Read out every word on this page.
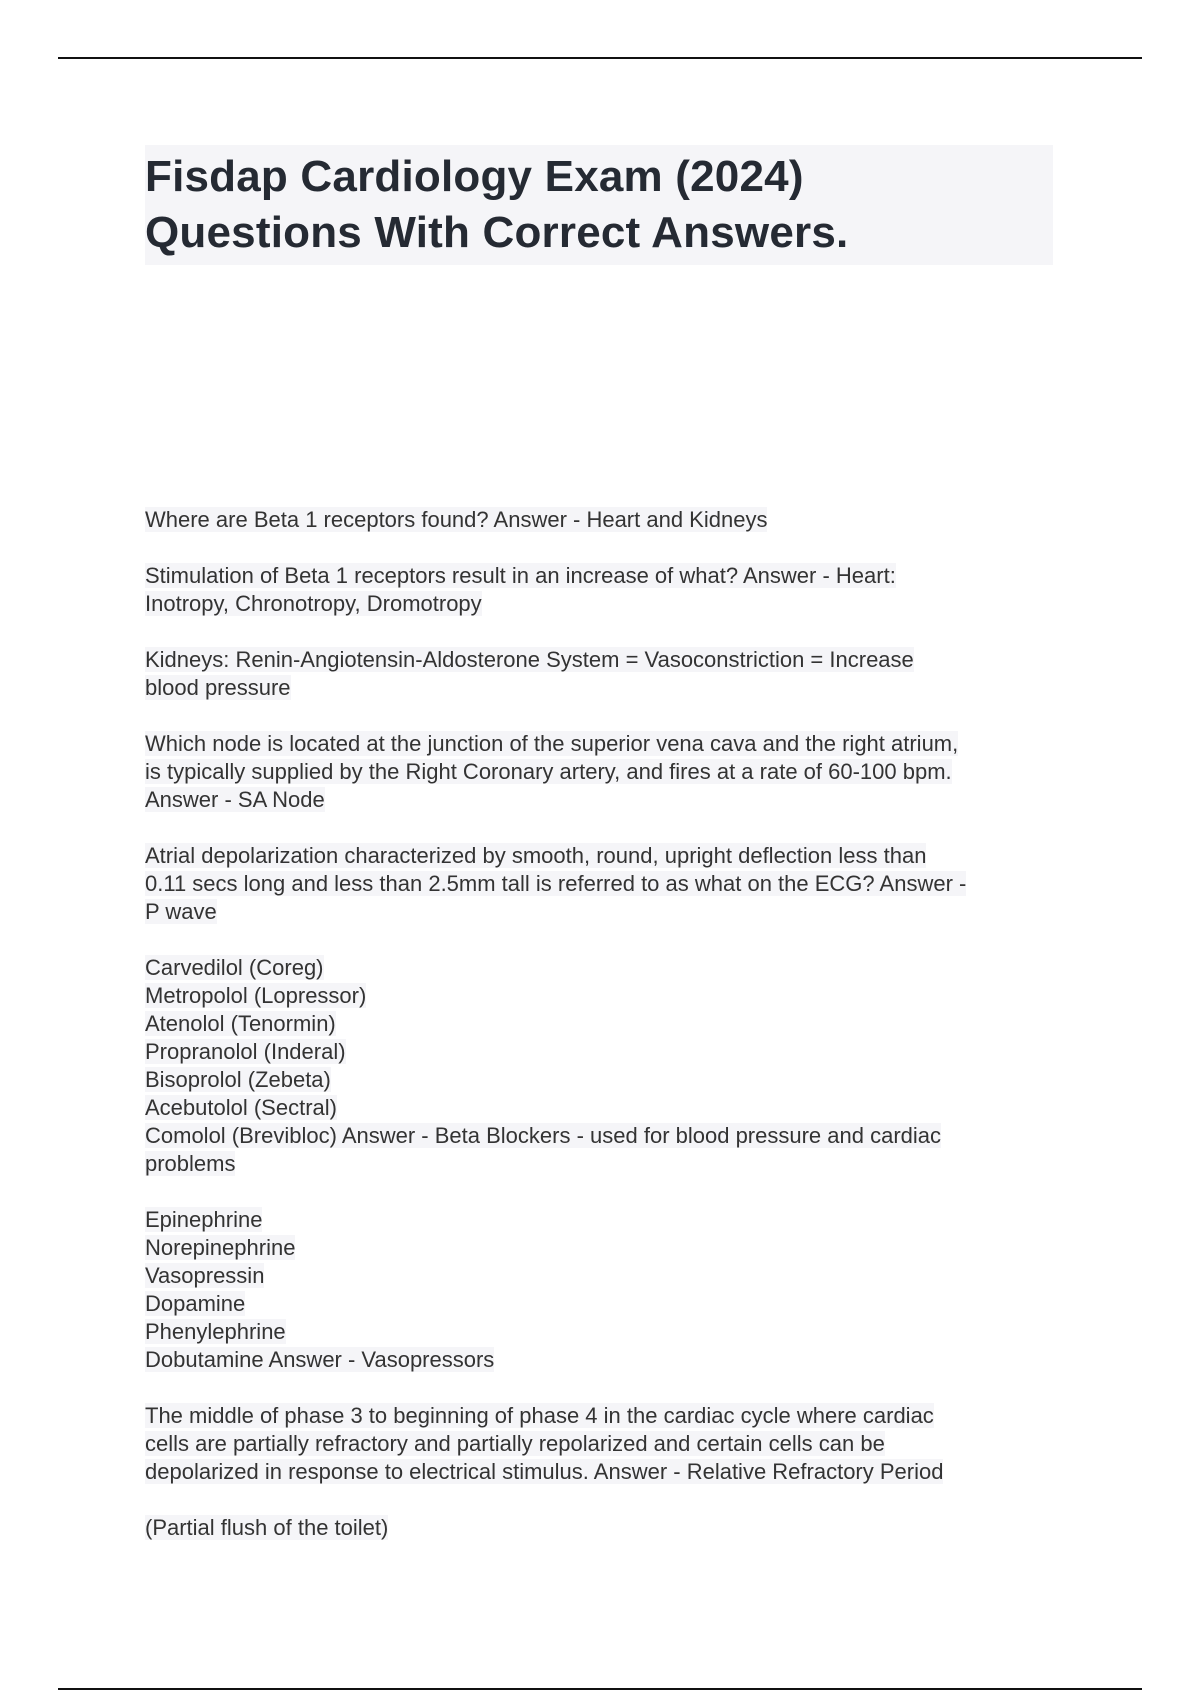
Fisdap Cardiology Exam (2024)
Questions With Correct Answers.
Where are Beta 1 receptors found? Answer - Heart and Kidneys
Stimulation of Beta 1 receptors result in an increase of what? Answer - Heart:
Inotropy, Chronotropy, Dromotropy
Kidneys: Renin-Angiotensin-Aldosterone System = Vasoconstriction = Increase
blood pressure
Which node is located at the junction of the superior vena cava and the right atrium,
is typically supplied by the Right Coronary artery, and fires at a rate of 60-100 bpm.
Answer - SA Node
Atrial depolarization characterized by smooth, round, upright deflection less than
0.11 secs long and less than 2.5mm tall is referred to as what on the ECG? Answer -
P wave
Carvedilol (Coreg)
Metropolol (Lopressor)
Atenolol (Tenormin)
Propranolol (Inderal)
Bisoprolol (Zebeta)
Acebutolol (Sectral)
Comolol (Brevibloc) Answer - Beta Blockers - used for blood pressure and cardiac
problems
Epinephrine
Norepinephrine
Vasopressin
Dopamine
Phenylephrine
Dobutamine Answer - Vasopressors
The middle of phase 3 to beginning of phase 4 in the cardiac cycle where cardiac
cells are partially refractory and partially repolarized and certain cells can be
depolarized in response to electrical stimulus. Answer - Relative Refractory Period
(Partial flush of the toilet)
